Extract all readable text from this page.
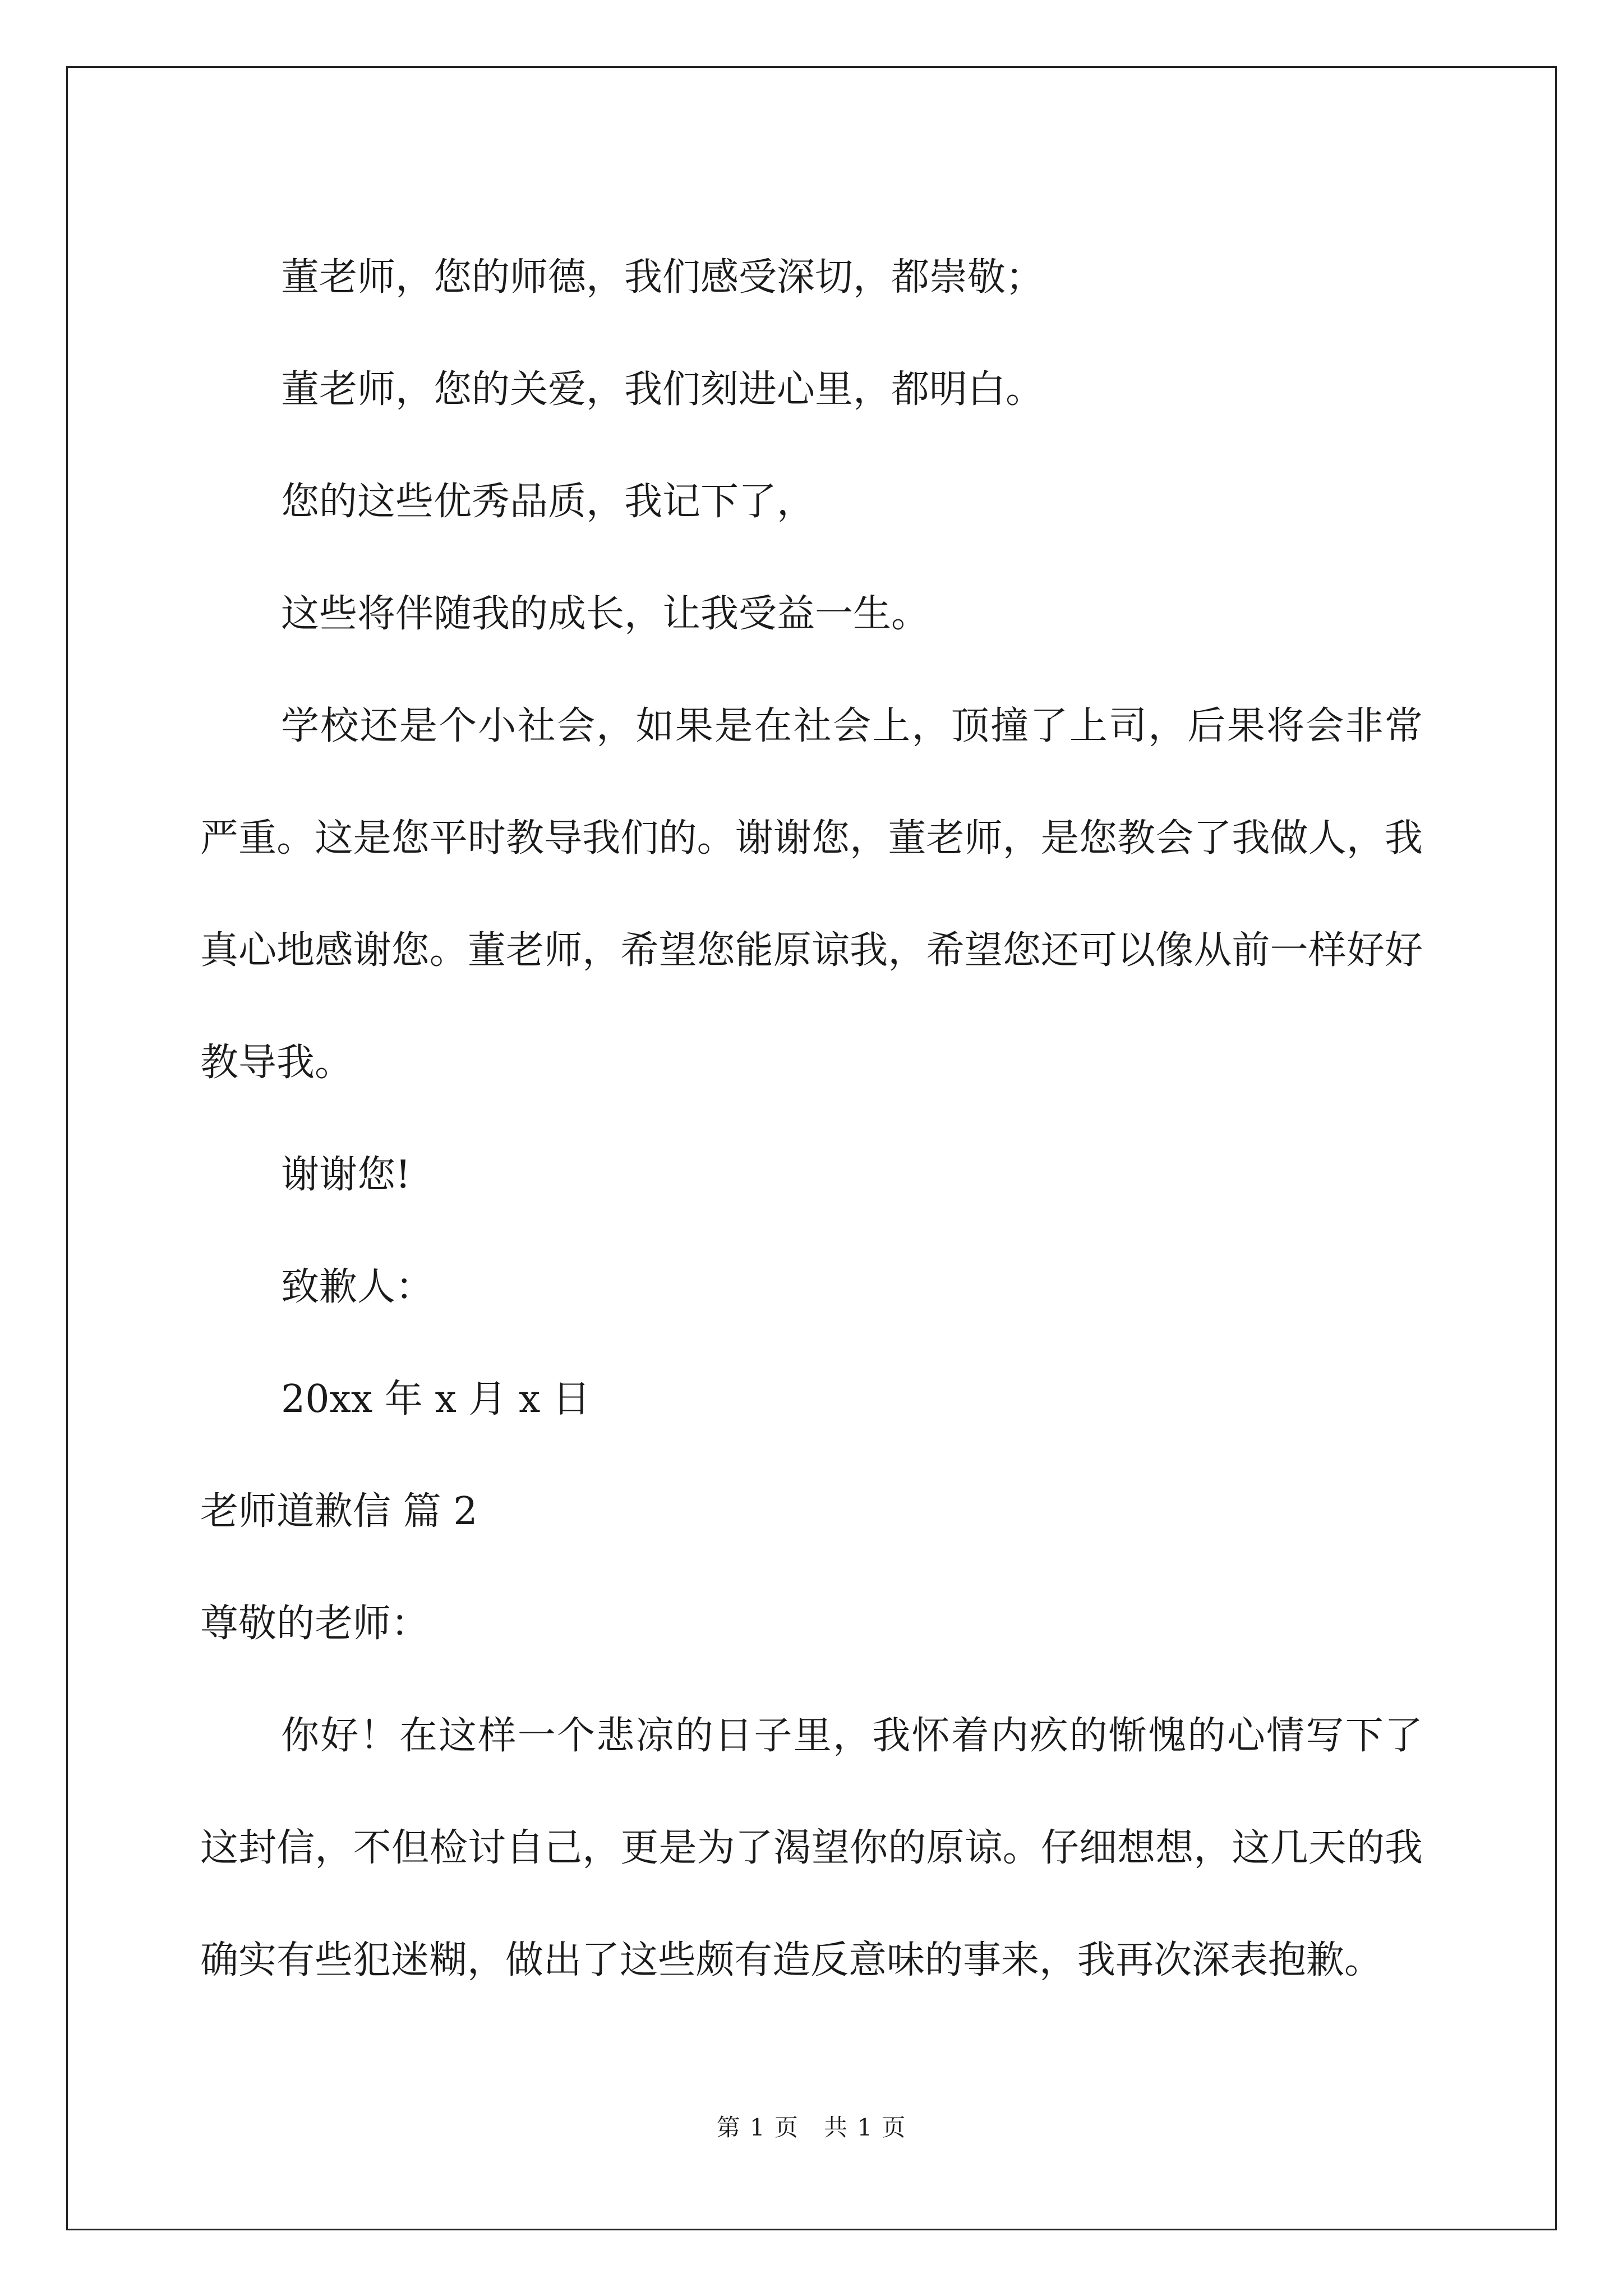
董老师，您的师德，我们感受深切，都崇敬；

董老师，您的关爱，我们刻进心里，都明白。

您的这些优秀品质，我记下了，

这些将伴随我的成长，让我受益一生。

学校还是个小社会，如果是在社会上，顶撞了上司，后果将会非常严重。这是您平时教导我们的。谢谢您，董老师，是您教会了我做人，我真心地感谢您。董老师，希望您能原谅我，希望您还可以像从前一样好好教导我。

谢谢您!

致歉人：

20xx 年 x 月 x 日

老师道歉信 篇 2

尊敬的老师：

你好！在这样一个悲凉的日子里，我怀着内疚的惭愧的心情写下了这封信，不但检讨自己，更是为了渴望你的原谅。仔细想想，这几天的我确实有些犯迷糊，做出了这些颇有造反意味的事来，我再次深表抱歉。

第 1 页　共 1 页
